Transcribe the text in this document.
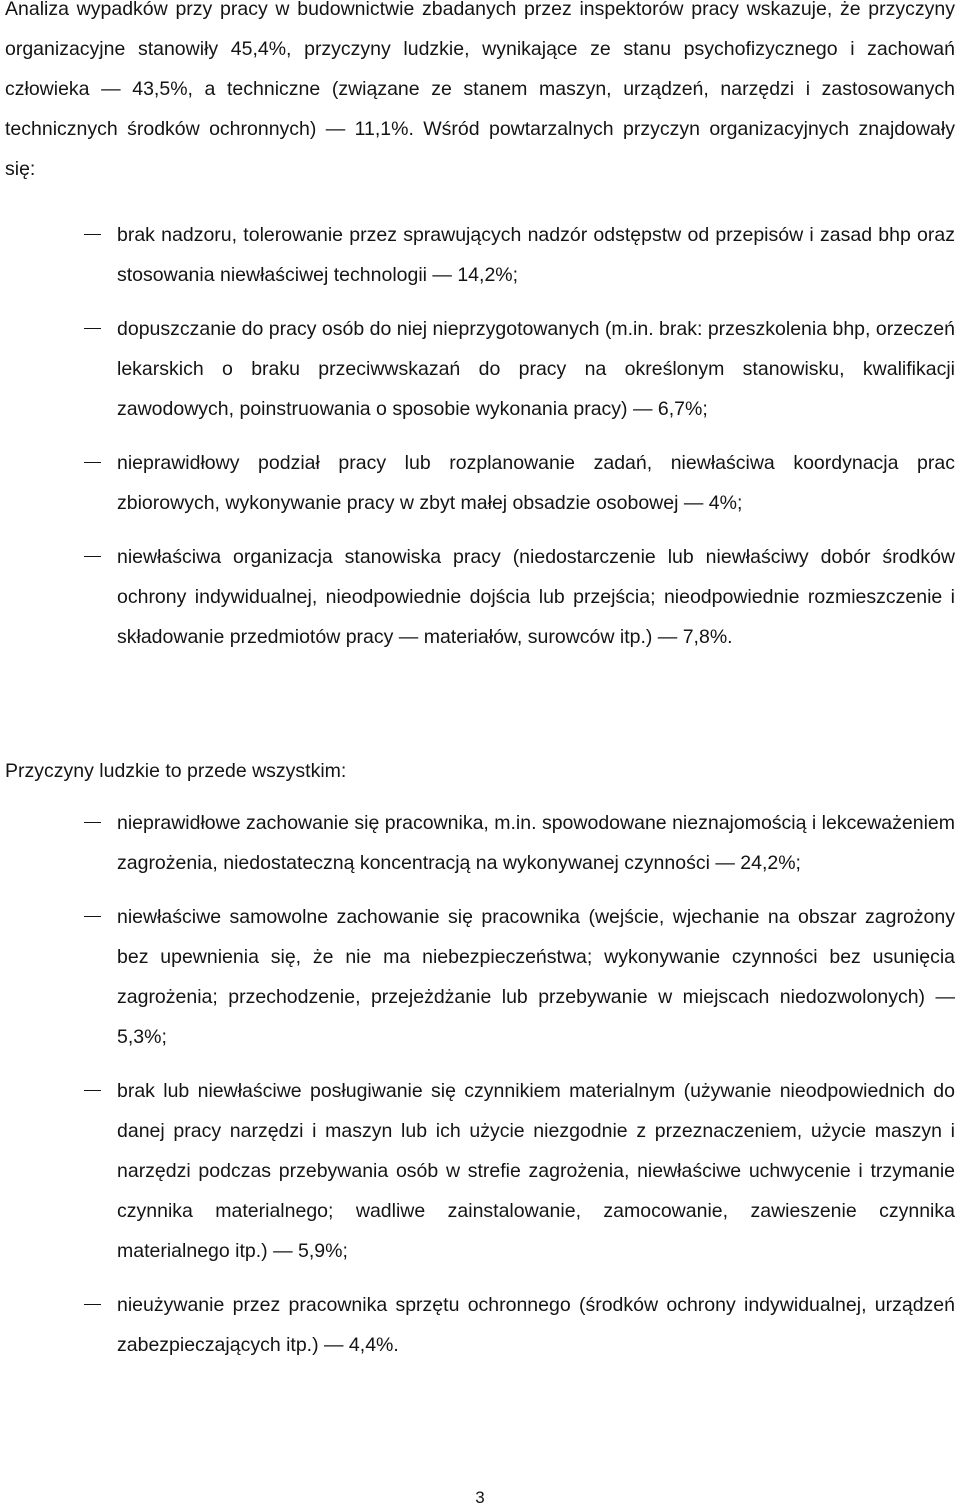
Analiza wypadków przy pracy w budownictwie zbadanych przez inspektorów pracy wskazuje, że przyczyny organizacyjne stanowiły 45,4%, przyczyny ludzkie, wynikające ze stanu psychofizycznego i zachowań człowieka — 43,5%, a techniczne (związane ze stanem maszyn, urządzeń, narzędzi i zastosowanych technicznych środków ochronnych) — 11,1%. Wśród powtarzalnych przyczyn organizacyjnych znajdowały się:

brak nadzoru, tolerowanie przez sprawujących nadzór odstępstw od przepisów i zasad bhp oraz stosowania niewłaściwej technologii — 14,2%;
dopuszczanie do pracy osób do niej nieprzygotowanych (m.in. brak: przeszkolenia bhp, orzeczeń lekarskich o braku przeciwwskazań do pracy na określonym stanowisku, kwalifikacji zawodowych, poinstruowania o sposobie wykonania pracy) — 6,7%;
nieprawidłowy podział pracy lub rozplanowanie zadań, niewłaściwa koordynacja prac zbiorowych, wykonywanie pracy w zbyt małej obsadzie osobowej — 4%;
niewłaściwa organizacja stanowiska pracy (niedostarczenie lub niewłaściwy dobór środków ochrony indywidualnej, nieodpowiednie dojścia lub przejścia; nieodpowiednie rozmieszczenie i składowanie przedmiotów pracy — materiałów, surowców itp.) — 7,8%.

Przyczyny ludzkie to przede wszystkim:

nieprawidłowe zachowanie się pracownika, m.in. spowodowane nieznajomością i lekceważeniem zagrożenia, niedostateczną koncentracją na wykonywanej czynności — 24,2%;
niewłaściwe samowolne zachowanie się pracownika (wejście, wjechanie na obszar zagrożony bez upewnienia się, że nie ma niebezpieczeństwa; wykonywanie czynności bez usunięcia zagrożenia; przechodzenie, przejeżdżanie lub przebywanie w miejscach niedozwolonych) — 5,3%;
brak lub niewłaściwe posługiwanie się czynnikiem materialnym (używanie nieodpowiednich do danej pracy narzędzi i maszyn lub ich użycie niezgodnie z przeznaczeniem, użycie maszyn i narzędzi podczas przebywania osób w strefie zagrożenia, niewłaściwe uchwycenie i trzymanie czynnika materialnego; wadliwe zainstalowanie, zamocowanie, zawieszenie czynnika materialnego itp.) — 5,9%;
nieużywanie przez pracownika sprzętu ochronnego (środków ochrony indywidualnej, urządzeń zabezpieczających itp.) — 4,4%.
3
